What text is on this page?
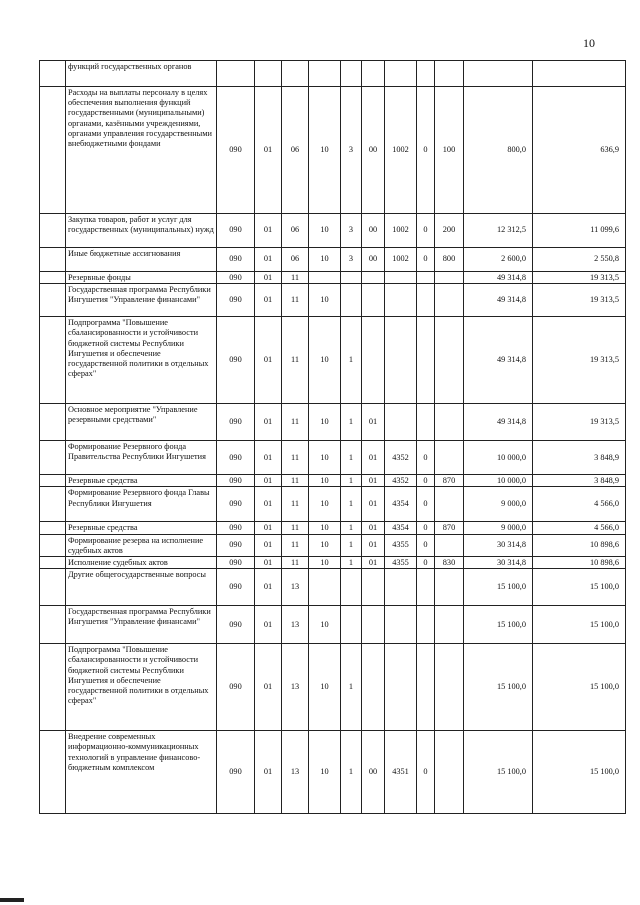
10
	функций государственных органов											
	Расходы на выплаты персоналу в целях обеспечения выполнения функций государственными (муниципальными) органами, казёнными учреждениями, органами управления государственными внебюджетными фондами	090	01	06	10	3	00	1002	0	100	800,0	636,9
	Закупка товаров, работ и услуг для государственных (муниципальных) нужд	090	01	06	10	3	00	1002	0	200	12 312,5	11 099,6
	Иные бюджетные ассигнования	090	01	06	10	3	00	1002	0	800	2 600,0	2 550,8
	Резервные фонды	090	01	11							49 314,8	19 313,5
	Государственная программа Республики Ингушетия "Управление финансами"	090	01	11	10						49 314,8	19 313,5
	Подпрограмма "Повышение сбалансированности и устойчивости бюджетной системы Республики Ингушетия и обеспечение государственной политики в отдельных сферах"	090	01	11	10	1					49 314,8	19 313,5
	Основное мероприятие "Управление резервными средствами"	090	01	11	10	1	01				49 314,8	19 313,5
	Формирование Резервного фонда Правительства Республики Ингушетия	090	01	11	10	1	01	4352	0		10 000,0	3 848,9
	Резервные средства	090	01	11	10	1	01	4352	0	870	10 000,0	3 848,9
	Формирование Резервного фонда Главы Республики Ингушетия	090	01	11	10	1	01	4354	0		9 000,0	4 566,0
	Резервные средства	090	01	11	10	1	01	4354	0	870	9 000,0	4 566,0
	Формирование резерва на исполнение судебных актов	090	01	11	10	1	01	4355	0		30 314,8	10 898,6
	Исполнение судебных актов	090	01	11	10	1	01	4355	0	830	30 314,8	10 898,6
	Другие общегосударственные вопросы	090	01	13							15 100,0	15 100,0
	Государственная программа Республики Ингушетия "Управление финансами"	090	01	13	10						15 100,0	15 100,0
	Подпрограмма "Повышение сбалансированности и устойчивости бюджетной системы Республики Ингушетия и обеспечение государственной политики в отдельных сферах"	090	01	13	10	1					15 100,0	15 100,0
	Внедрение современных информационно-коммуникационных технологий в управление финансово-бюджетным комплексом	090	01	13	10	1	00	4351	0		15 100,0	15 100,0
